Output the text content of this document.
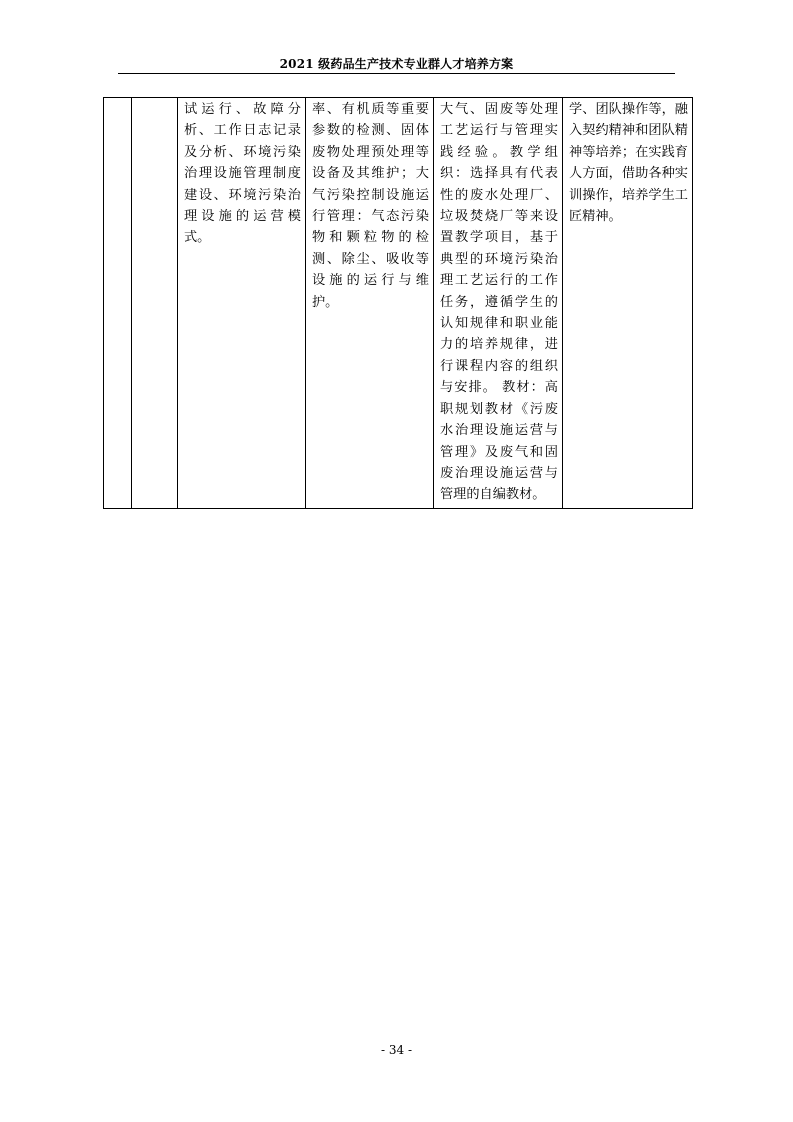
2021 级药品生产技术专业群人才培养方案
		试运行、故障分析、工作日志记录及分析、环境污染治理设施管理制度建设、环境污染治理设施的运营模式。	率、有机质等重要参数的检测、固体废物处理预处理等设备及其维护；大气污染控制设施运行管理：气态污染物和颗粒物的检测、除尘、吸收等设施的运行与维护。	大气、固废等处理工艺运行与管理实践经验。教学组织：选择具有代表性的废水处理厂、垃圾焚烧厂等来设置教学项目，基于典型的环境污染治理工艺运行的工作任务，遵循学生的认知规律和职业能力的培养规律，进行课程内容的组织与安排。 教材：高职规划教材《污废水治理设施运营与管理》及废气和固废治理设施运营与管理的自编教材。	学、团队操作等，融入契约精神和团队精神等培养；在实践育人方面，借助各种实训操作，培养学生工匠精神。
- 34 -
